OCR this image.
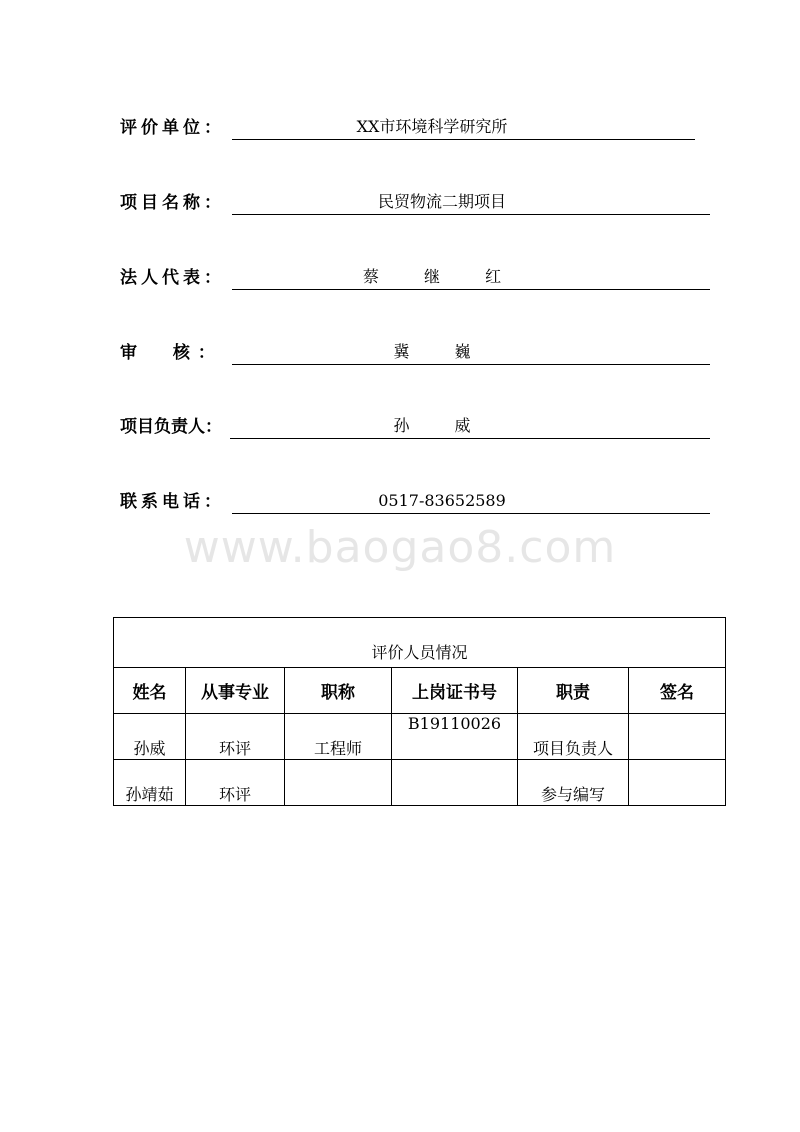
评价单位：	XX市环境科学研究所
项目名称：	民贸物流二期项目
法人代表：	蔡 继 红
审  核：	冀 巍
项目负责人：	孙 威
联系电话：	0517-83652589
www.baogao8.com
评价人员情况					
姓名	从事专业	职称	上岗证书号	职责	签名
孙威	环评	工程师	B19110026	项目负责人	
孙靖茹	环评			参与编写	
